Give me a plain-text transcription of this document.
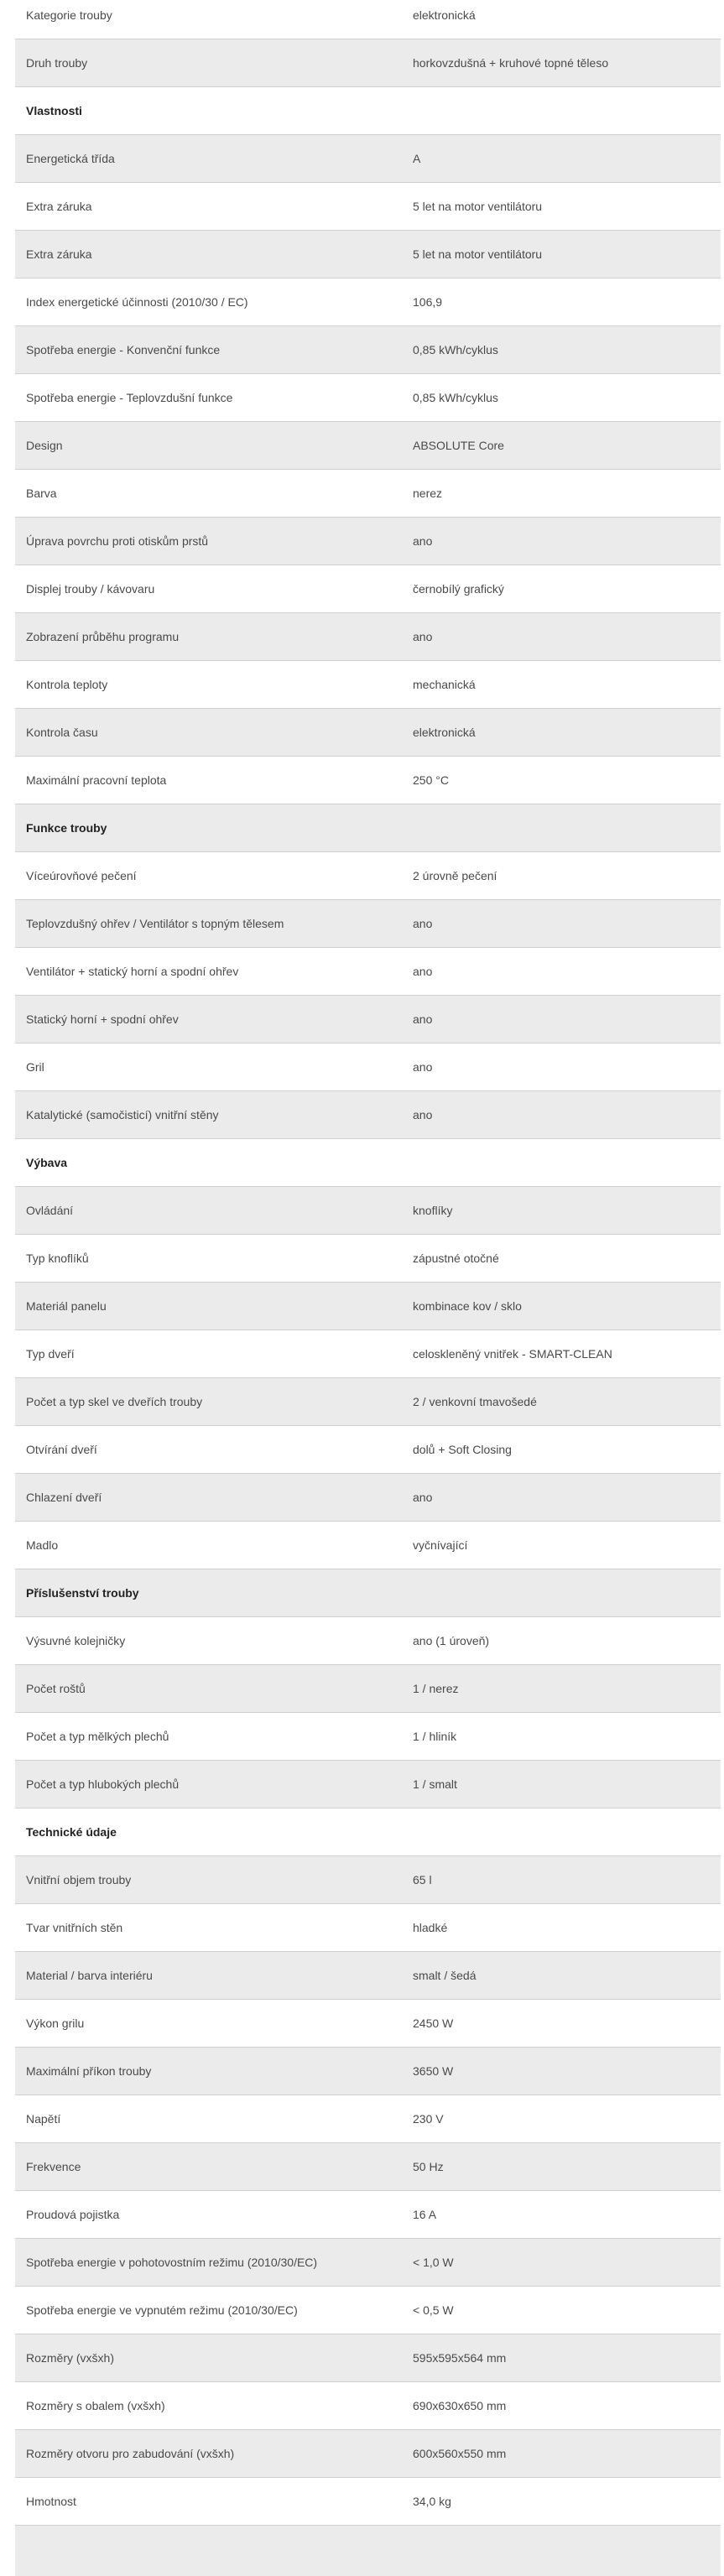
Kategorie trouby	elektronická
Druh trouby	horkovzdušná + kruhové topné těleso
Vlastnosti
Energetická třída	A
Extra záruka	5 let na motor ventilátoru
Extra záruka	5 let na motor ventilátoru
Index energetické účinnosti (2010/30 / EC)	106,9
Spotřeba energie - Konvenční funkce	0,85 kWh/cyklus
Spotřeba energie - Teplovzdušní funkce	0,85 kWh/cyklus
Design	ABSOLUTE Core
Barva	nerez
Úprava povrchu proti otiskům prstů	ano
Displej trouby / kávovaru	černobílý grafický
Zobrazení průběhu programu	ano
Kontrola teploty	mechanická
Kontrola času	elektronická
Maximální pracovní teplota	250 °C
Funkce trouby
Víceúrovňové pečení	2 úrovně pečení
Teplovzdušný ohřev / Ventilátor s topným tělesem	ano
Ventilátor + statický horní a spodní ohřev	ano
Statický horní + spodní ohřev	ano
Gril	ano
Katalytické (samočisticí) vnitřní stěny	ano
Výbava
Ovládání	knoflíky
Typ knoflíků	zápustné otočné
Materiál panelu	kombinace kov / sklo
Typ dveří	celoskleněný vnitřek - SMART-CLEAN
Počet a typ skel ve dveřích trouby	2 / venkovní tmavošedé
Otvírání dveří	dolů + Soft Closing
Chlazení dveří	ano
Madlo	vyčnívající
Příslušenství trouby
Výsuvné kolejničky	ano (1 úroveň)
Počet roštů	1 / nerez
Počet a typ mělkých plechů	1 / hliník
Počet a typ hlubokých plechů	1 / smalt
Technické údaje
Vnitřní objem trouby	65 l
Tvar vnitřních stěn	hladké
Material / barva interiéru	smalt / šedá
Výkon grilu	2450 W
Maximální příkon trouby	3650 W
Napětí	230 V
Frekvence	50 Hz
Proudová pojistka	16 A
Spotřeba energie v pohotovostním režimu (2010/30/EC)	< 1,0 W
Spotřeba energie ve vypnutém režimu (2010/30/EC)	< 0,5 W
Rozměry (vxšxh)	595x595x564 mm
Rozměry s obalem (vxšxh)	690x630x650 mm
Rozměry otvoru pro zabudování (vxšxh)	600x560x550 mm
Hmotnost	34,0 kg
